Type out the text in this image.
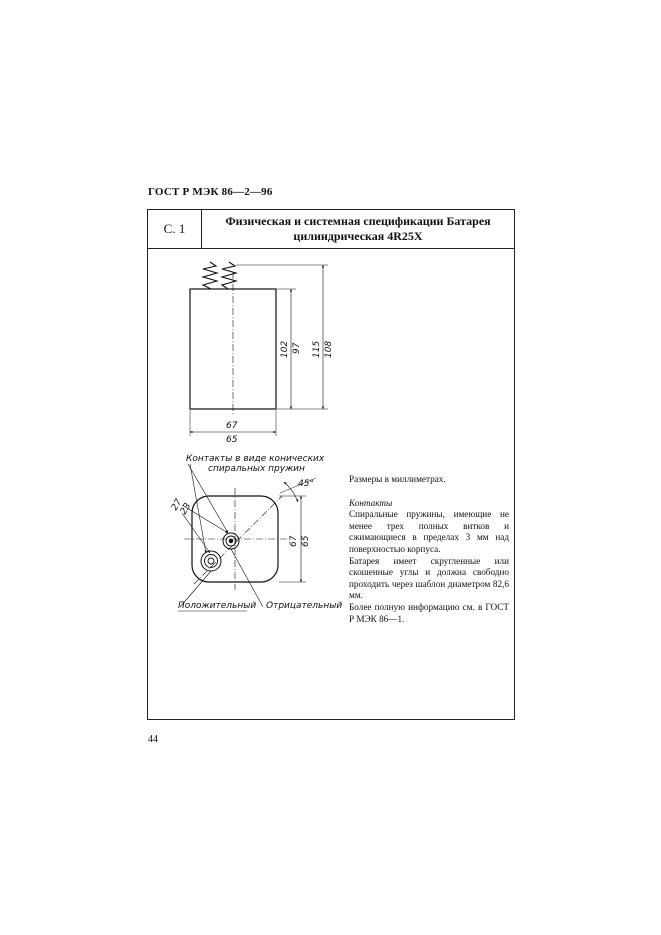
ГОСТ Р МЭК 86—2—96
С. 1	Физическая и системная спецификации Батарея цилиндрическая 4R25X
102 97 115 108
67
65
Контакты в виде конических
спиральных пружин
27
23
45°
67 65
Положительный Отрицательный

Размеры в миллиметрах.

Контакты

Спиральные пружины, имеющие не менее трех полных витков и сжимающиеся в пределах 3 мм над поверхностью корпуса.

Батарея имеет скругленные или скошенные углы и должна свободно проходить через шаблон диаметром 82,6 мм.

Более полную информацию см. в ГОСТ Р МЭК 86—1.

44
